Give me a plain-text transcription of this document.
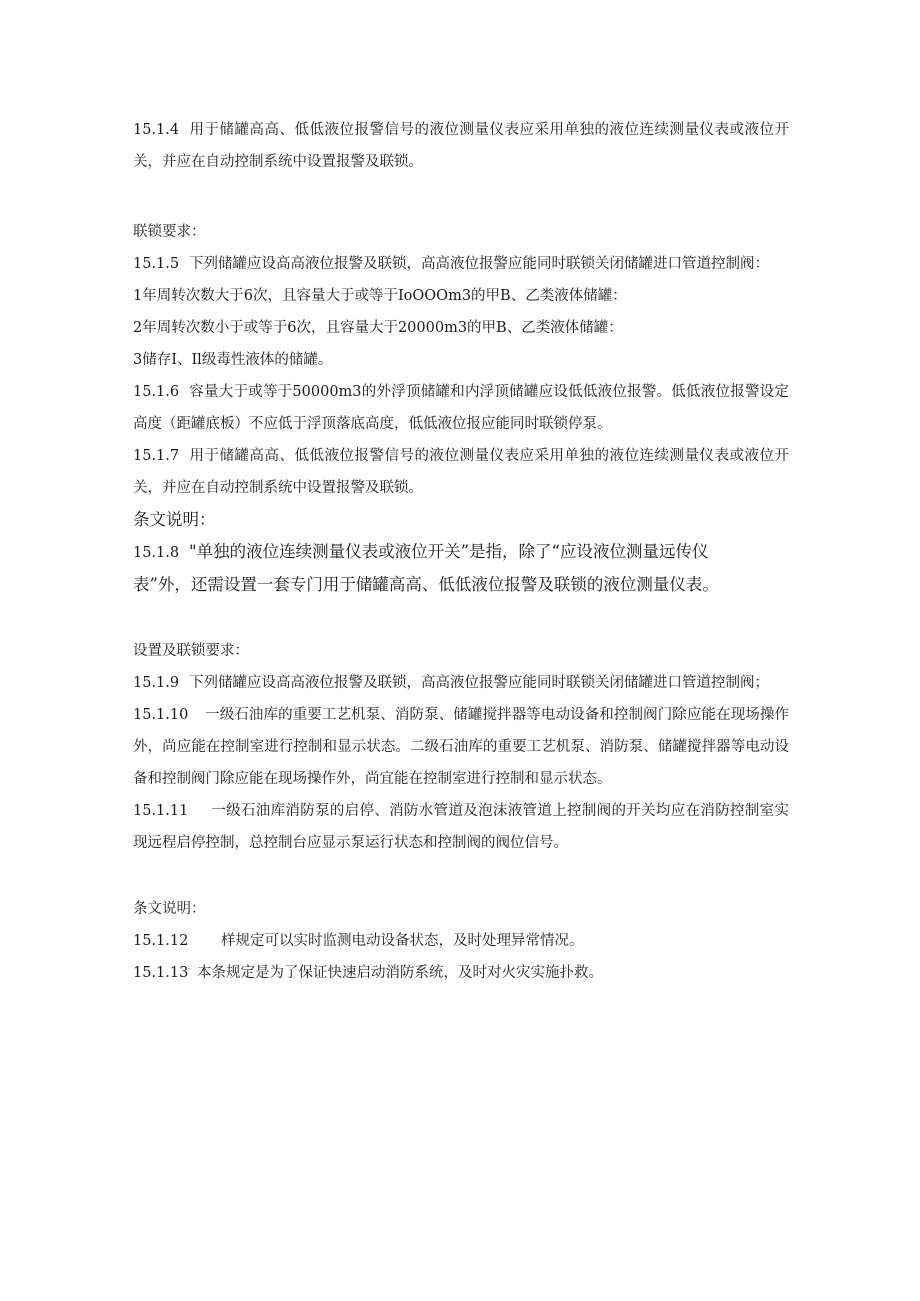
15.1.4 用于储罐高高、低低液位报警信号的液位测量仪表应采用单独的液位连续测量仪表或液位开关，并应在自动控制系统中设置报警及联锁。

联锁要求：

15.1.5 下列储罐应设高高液位报警及联锁，高高液位报警应能同时联锁关闭储罐进口管道控制阀：

1年周转次数大于6次，且容量大于或等于IoOOOm3的甲B、乙类液体储罐：

2年周转次数小于或等于6次，且容量大于20000m3的甲B、乙类液体储罐：

3储存I、Il级毒性液体的储罐。

15.1.6 容量大于或等于50000m3的外浮顶储罐和内浮顶储罐应设低低液位报警。低低液位报警设定高度（距罐底板）不应低于浮顶落底高度，低低液位报应能同时联锁停泵。

15.1.7 用于储罐高高、低低液位报警信号的液位测量仪表应采用单独的液位连续测量仪表或液位开关，并应在自动控制系统中设置报警及联锁。

条文说明：

15.1.8 "单独的液位连续测量仪表或液位开关”是指，除了“应设液位测量远传仪

表”外，还需设置一套专门用于储罐高高、低低液位报警及联锁的液位测量仪表。

设置及联锁要求：

15.1.9 下列储罐应设高高液位报警及联锁，高高液位报警应能同时联锁关闭储罐进口管道控制阀；

15.1.10 一级石油库的重要工艺机泵、消防泵、储罐搅拌器等电动设备和控制阀门除应能在现场操作外，尚应能在控制室进行控制和显示状态。二级石油库的重要工艺机泵、消防泵、储罐搅拌器等电动设备和控制阀门除应能在现场操作外，尚宜能在控制室进行控制和显示状态。

15.1.11 一级石油库消防泵的启停、消防水管道及泡沫液管道上控制阀的开关均应在消防控制室实现远程启停控制，总控制台应显示泵运行状态和控制阀的阀位信号。

条文说明：

15.1.12 样规定可以实时监测电动设备状态，及时处理异常情况。

15.1.13 本条规定是为了保证快速启动消防系统，及时对火灾实施扑救。
